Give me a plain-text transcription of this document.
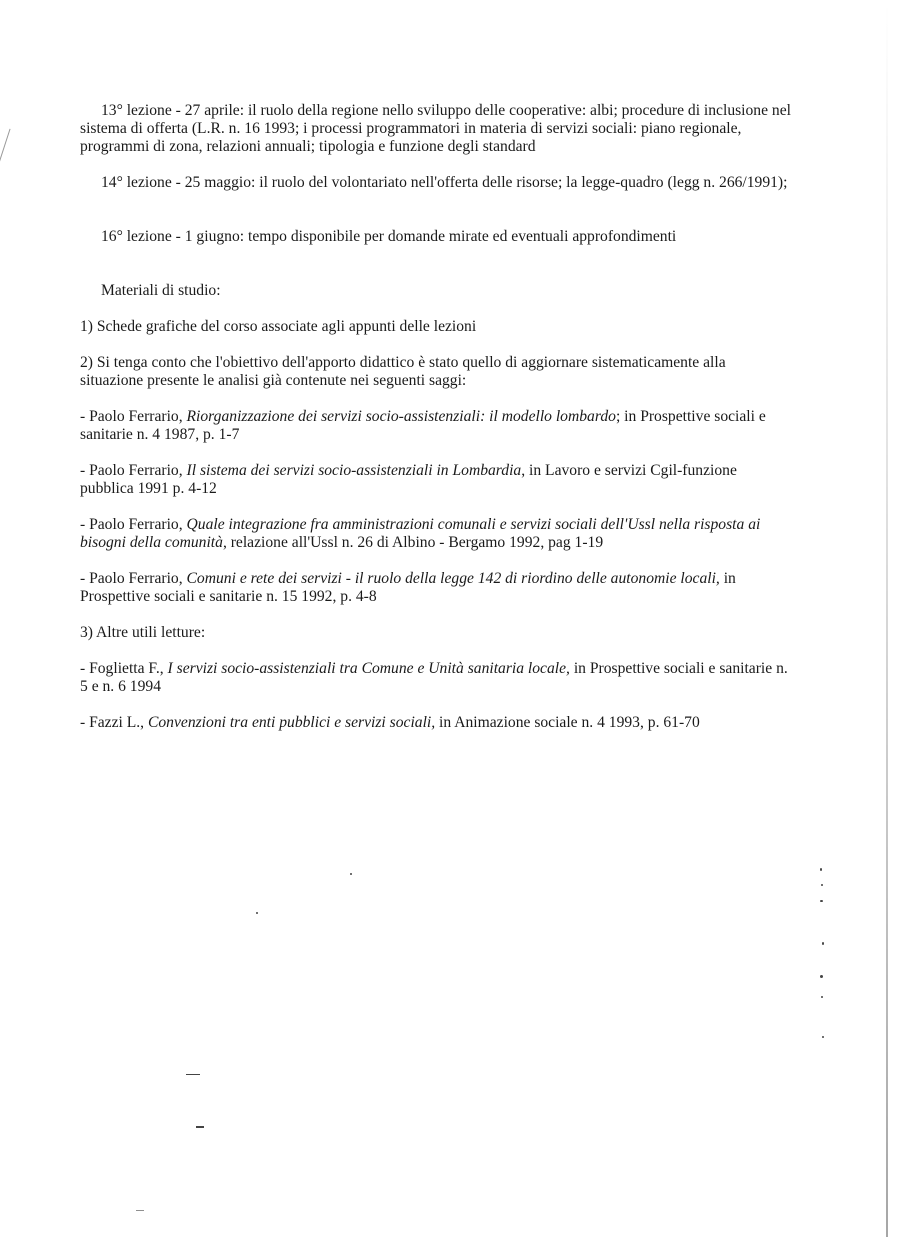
13° lezione - 27 aprile: il ruolo della regione nello sviluppo delle cooperative: albi; procedure di inclusione nel sistema di offerta (L.R. n. 16 1993; i processi programmatori in materia di servizi sociali: piano regionale, programmi di zona, relazioni annuali; tipologia e funzione degli standard

14° lezione - 25 maggio: il ruolo del volontariato nell'offerta delle risorse; la legge-quadro (legg n. 266/1991);

16° lezione - 1 giugno: tempo disponibile per domande mirate ed eventuali approfondimenti

Materiali di studio:

1) Schede grafiche del corso associate agli appunti delle lezioni

2) Si tenga conto che l'obiettivo dell'apporto didattico è stato quello di aggiornare sistematicamente alla situazione presente le analisi già contenute nei seguenti saggi:

- Paolo Ferrario, Riorganizzazione dei servizi socio-assistenziali: il modello lombardo; in Prospettive sociali e sanitarie n. 4 1987, p. 1-7

- Paolo Ferrario, Il sistema dei servizi socio-assistenziali in Lombardia, in Lavoro e servizi Cgil-funzione pubblica 1991 p. 4-12

- Paolo Ferrario, Quale integrazione fra amministrazioni comunali e servizi sociali dell'Ussl nella risposta ai bisogni della comunità, relazione all'Ussl n. 26 di Albino - Bergamo 1992, pag 1-19

- Paolo Ferrario, Comuni e rete dei servizi - il ruolo della legge 142 di riordino delle autonomie locali, in Prospettive sociali e sanitarie n. 15 1992, p. 4-8

3) Altre utili letture:

- Foglietta F., I servizi socio-assistenziali tra Comune e Unità sanitaria locale, in Prospettive sociali e sanitarie n. 5 e n. 6 1994

- Fazzi L., Convenzioni tra enti pubblici e servizi sociali, in Animazione sociale n. 4 1993, p. 61-70
